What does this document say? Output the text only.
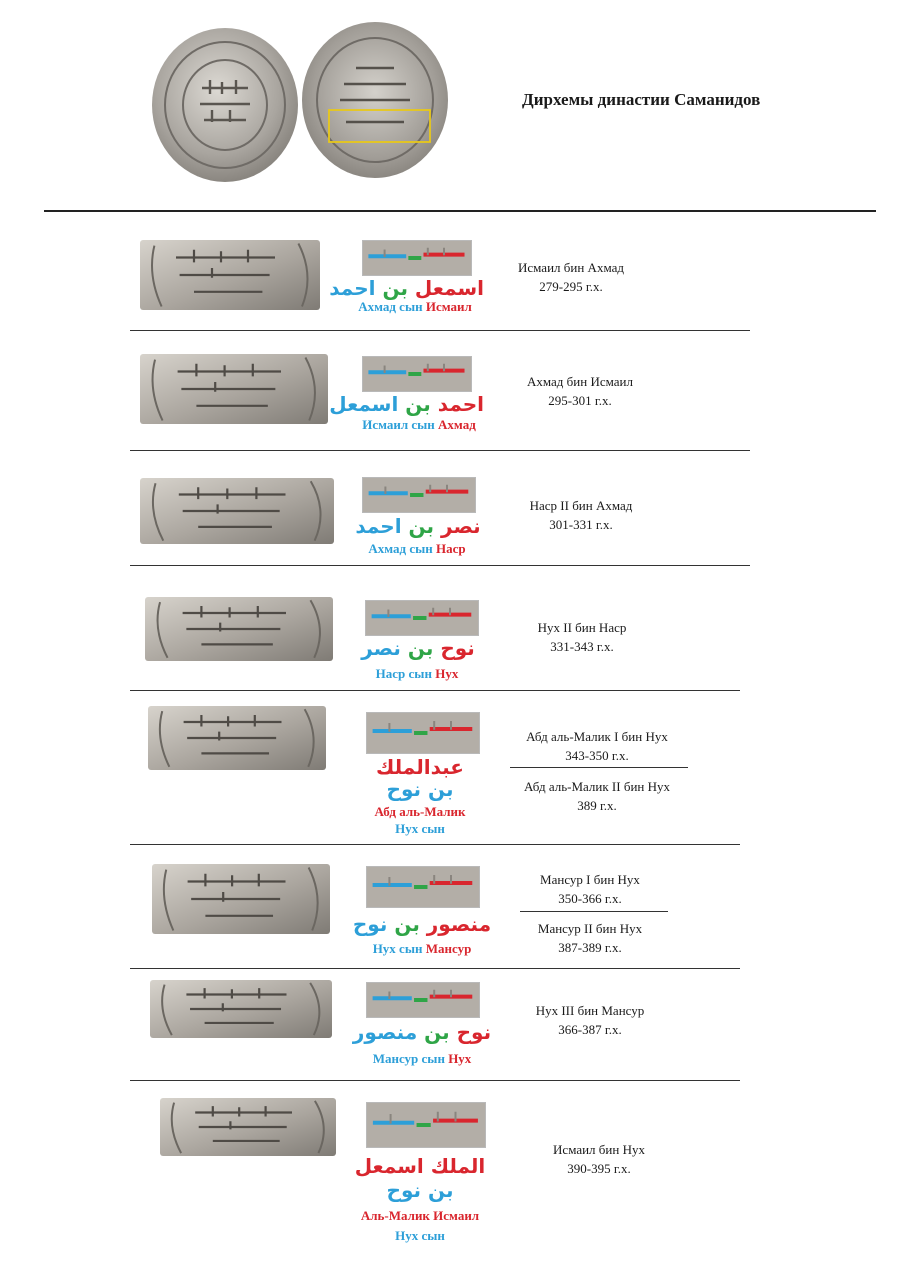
Дирхемы династии Саманидов
اسمعل بن احمد
Ахмад сын Исмаил
Исмаил бин Ахмад
279-295 г.х.
احمد بن اسمعل
Исмаил сын Ахмад
Ахмад бин Исмаил
295-301 г.х.
نصر بن احمد
Ахмад сын Наср
Наср II бин Ахмад
301-331 г.х.
نوح بن نصر
Наср сын Нух
Нух II бин Наср
331-343 г.х.
عبدالملك
بن نوح
Абд аль-Малик
Нух сын
Абд аль-Малик I бин Нух
343-350 г.х.
Абд аль-Малик II бин Нух
389 г.х.
منصور بن نوح
Нух сын Мансур
Мансур I бин Нух
350-366 г.х.
Мансур II бин Нух
387-389 г.х.
نوح بن منصور
Мансур сын Нух
Нух III бин Мансур
366-387 г.х.
الملك اسمعل
بن نوح
Аль-Малик Исмаил
Нух сын
Исмаил бин Нух
390-395 г.х.
